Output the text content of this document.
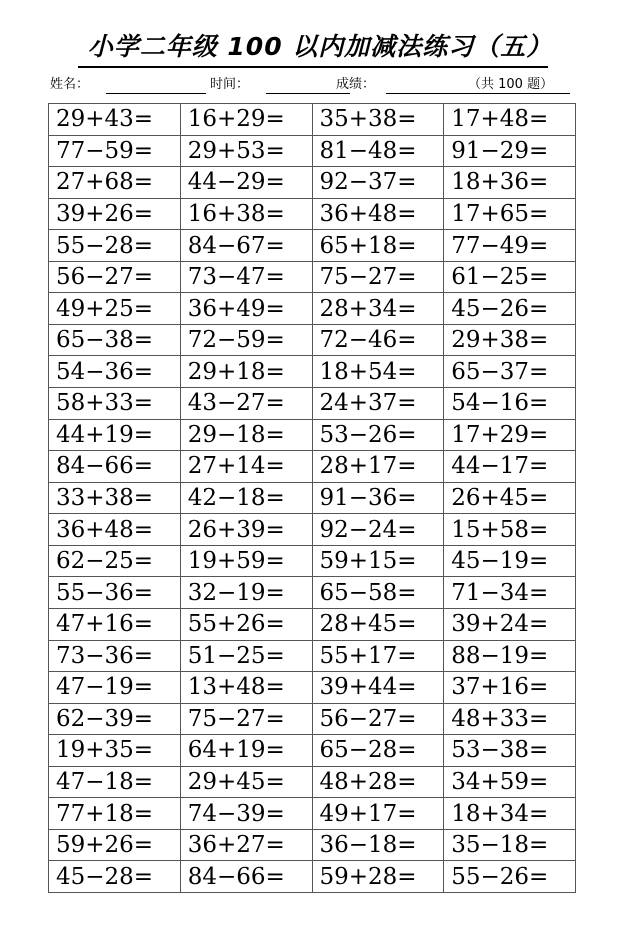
小学二年级 100 以内加减法练习（五）
姓名：	时间：	成绩：	（共 100 题）
29+43=	16+29=	35+38=	17+48=
77−59=	29+53=	81−48=	91−29=
27+68=	44−29=	92−37=	18+36=
39+26=	16+38=	36+48=	17+65=
55−28=	84−67=	65+18=	77−49=
56−27=	73−47=	75−27=	61−25=
49+25=	36+49=	28+34=	45−26=
65−38=	72−59=	72−46=	29+38=
54−36=	29+18=	18+54=	65−37=
58+33=	43−27=	24+37=	54−16=
44+19=	29−18=	53−26=	17+29=
84−66=	27+14=	28+17=	44−17=
33+38=	42−18=	91−36=	26+45=
36+48=	26+39=	92−24=	15+58=
62−25=	19+59=	59+15=	45−19=
55−36=	32−19=	65−58=	71−34=
47+16=	55+26=	28+45=	39+24=
73−36=	51−25=	55+17=	88−19=
47−19=	13+48=	39+44=	37+16=
62−39=	75−27=	56−27=	48+33=
19+35=	64+19=	65−28=	53−38=
47−18=	29+45=	48+28=	34+59=
77+18=	74−39=	49+17=	18+34=
59+26=	36+27=	36−18=	35−18=
45−28=	84−66=	59+28=	55−26=
